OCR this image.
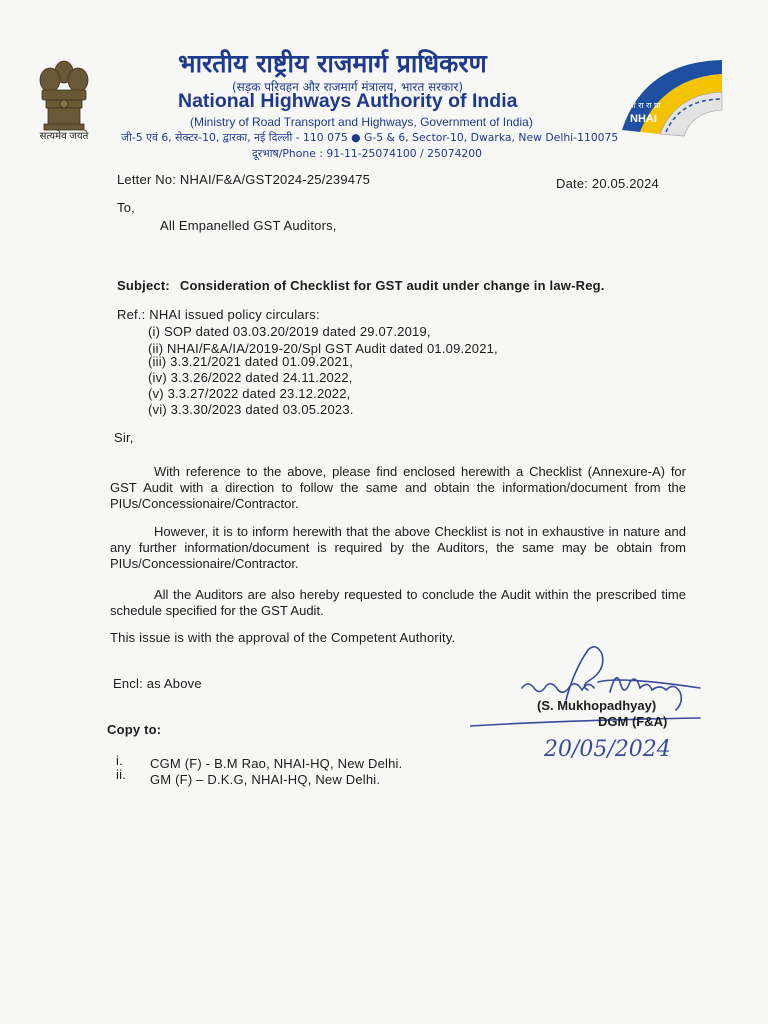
सत्यमेव जयते
भारतीय राष्ट्रीय राजमार्ग प्राधिकरण
(सड़क परिवहन और राजमार्ग मंत्रालय, भारत सरकार)
National Highways Authority of India
(Ministry of Road Transport and Highways, Government of India)
जी-5 एवं 6, सेक्टर-10, द्वारका, नई दिल्ली - 110 075 ● G-5 & 6, Sector-10, Dwarka, New Delhi-110075
दूरभाष/Phone : 91-11-25074100 / 25074200
भा रा रा प्रा
NHAI
Letter No: NHAI/F&A/GST2024-25/239475	Date: 20.05.2024
To,
All Empanelled GST Auditors,
Subject: Consideration of Checklist for GST audit under change in law-Reg.
Ref.: NHAI issued policy circulars:
(i) SOP dated 03.03.20/2019 dated 29.07.2019,
(ii) NHAI/F&A/IA/2019-20/Spl GST Audit dated 01.09.2021,
(iii) 3.3.21/2021 dated 01.09.2021,
(iv) 3.3.26/2022 dated 24.11.2022,
(v) 3.3.27/2022 dated 23.12.2022,
(vi) 3.3.30/2023 dated 03.05.2023.
Sir,
With reference to the above, please find enclosed herewith a Checklist (Annexure-A) for GST Audit with a direction to follow the same and obtain the information/document from the PIUs/Concessionaire/Contractor.
However, it is to inform herewith that the above Checklist is not in exhaustive in nature and any further information/document is required by the Auditors, the same may be obtain from PIUs/Concessionaire/Contractor.
All the Auditors are also hereby requested to conclude the Audit within the prescribed time schedule specified for the GST Audit.
This issue is with the approval of the Competent Authority.
Encl: as Above
20/05/2024
(S. Mukhopadhyay)
DGM (F&A)
Copy to:
i. CGM (F) - B.M Rao, NHAI-HQ, New Delhi.
ii. GM (F) – D.K.G, NHAI-HQ, New Delhi.
